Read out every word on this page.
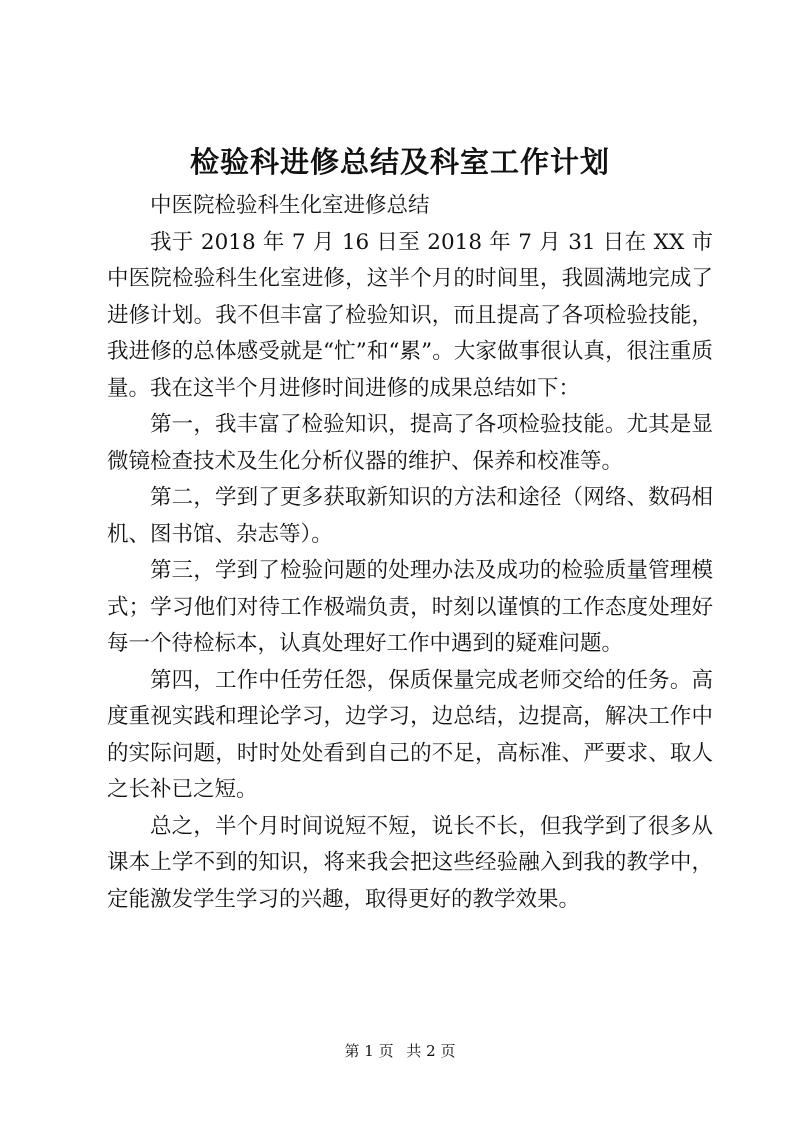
检验科进修总结及科室工作计划

中医院检验科生化室进修总结

我于 2018 年 7 月 16 日至 2018 年 7 月 31 日在 XX 市中医院检验科生化室进修，这半个月的时间里，我圆满地完成了进修计划。我不但丰富了检验知识，而且提高了各项检验技能，我进修的总体感受就是“忙”和“累”。大家做事很认真，很注重质量。我在这半个月进修时间进修的成果总结如下：

第一，我丰富了检验知识，提高了各项检验技能。尤其是显微镜检查技术及生化分析仪器的维护、保养和校准等。

第二，学到了更多获取新知识的方法和途径（网络、数码相机、图书馆、杂志等）。

第三，学到了检验问题的处理办法及成功的检验质量管理模式；学习他们对待工作极端负责，时刻以谨慎的工作态度处理好每一个待检标本，认真处理好工作中遇到的疑难问题。

第四，工作中任劳任怨，保质保量完成老师交给的任务。高度重视实践和理论学习，边学习，边总结，边提高，解决工作中的实际问题，时时处处看到自己的不足，高标准、严要求、取人之长补已之短。

总之，半个月时间说短不短，说长不长，但我学到了很多从课本上学不到的知识，将来我会把这些经验融入到我的教学中，定能激发学生学习的兴趣，取得更好的教学效果。

第 1 页 共 2 页
